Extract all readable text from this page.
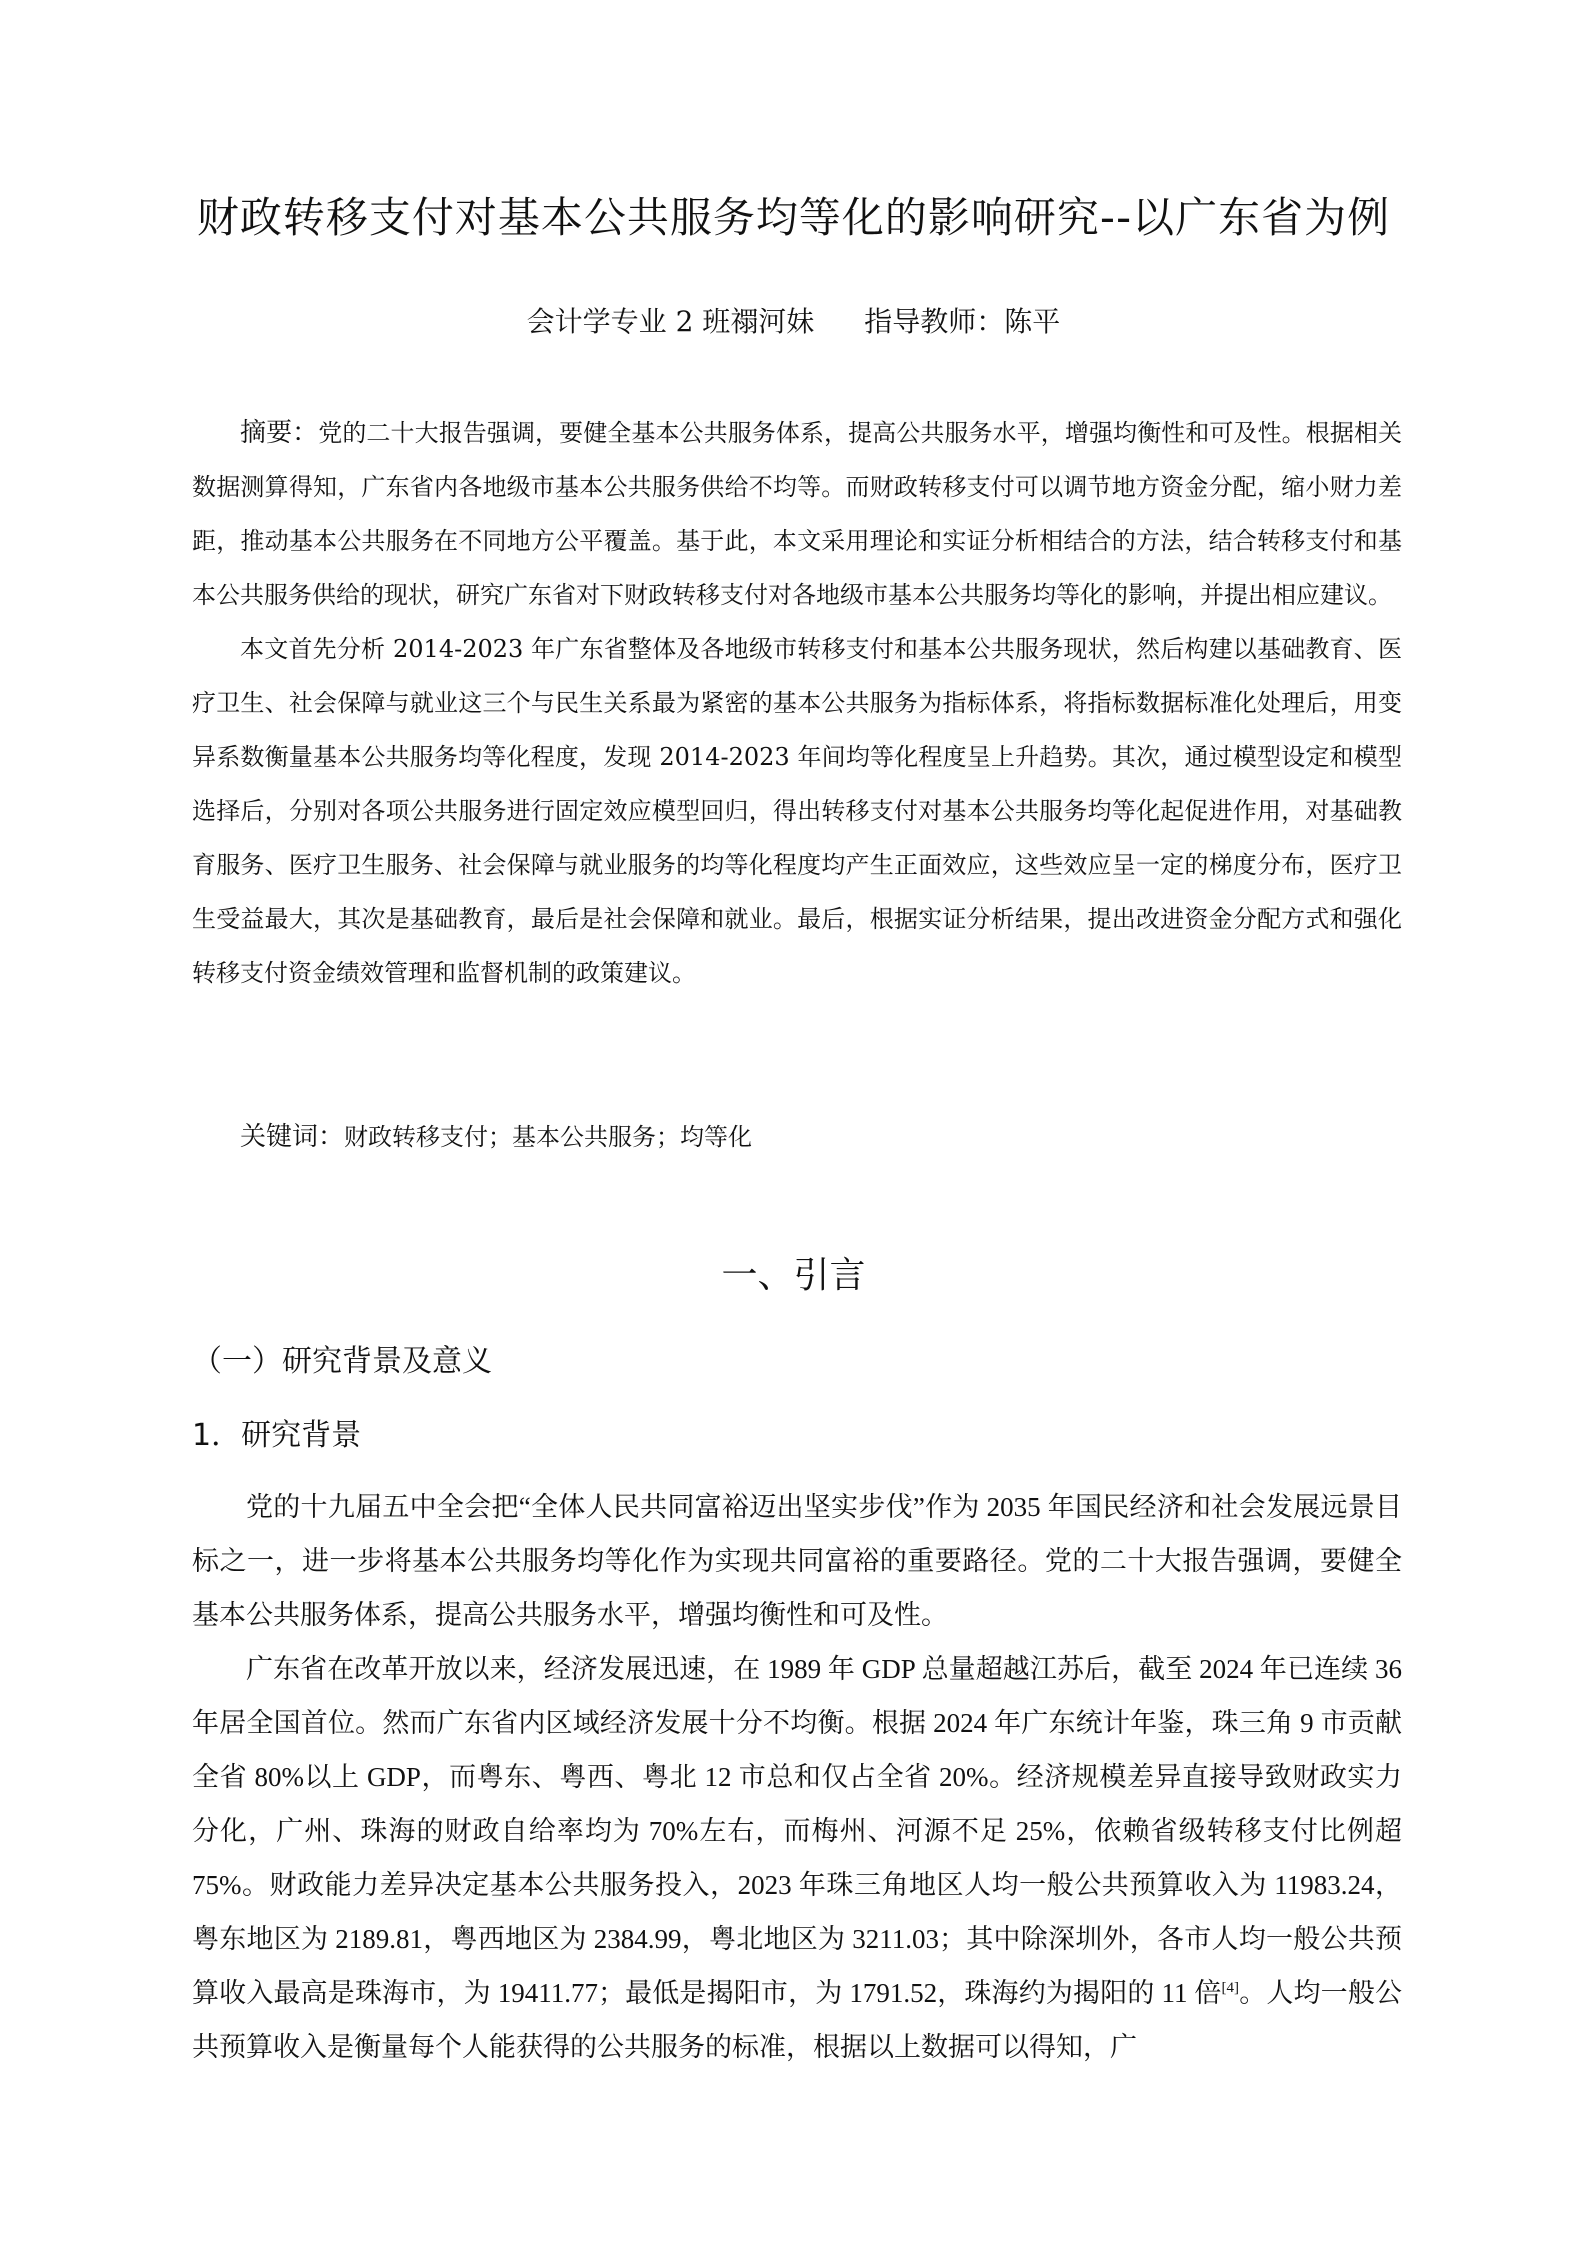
财政转移支付对基本公共服务均等化的影响研究--以广东省为例
会计学专业 2 班禤河妹 指导教师：陈平

摘要：党的二十大报告强调，要健全基本公共服务体系，提高公共服务水平，增强均衡性和可及性。根据相关数据测算得知，广东省内各地级市基本公共服务供给不均等。而财政转移支付可以调节地方资金分配，缩小财力差距，推动基本公共服务在不同地方公平覆盖。基于此，本文采用理论和实证分析相结合的方法，结合转移支付和基本公共服务供给的现状，研究广东省对下财政转移支付对各地级市基本公共服务均等化的影响，并提出相应建议。

本文首先分析 2014-2023 年广东省整体及各地级市转移支付和基本公共服务现状，然后构建以基础教育、医疗卫生、社会保障与就业这三个与民生关系最为紧密的基本公共服务为指标体系，将指标数据标准化处理后，用变异系数衡量基本公共服务均等化程度，发现 2014-2023 年间均等化程度呈上升趋势。其次，通过模型设定和模型选择后，分别对各项公共服务进行固定效应模型回归，得出转移支付对基本公共服务均等化起促进作用，对基础教育服务、医疗卫生服务、社会保障与就业服务的均等化程度均产生正面效应，这些效应呈一定的梯度分布，医疗卫生受益最大，其次是基础教育，最后是社会保障和就业。最后，根据实证分析结果，提出改进资金分配方式和强化转移支付资金绩效管理和监督机制的政策建议。

关键词：财政转移支付；基本公共服务；均等化
一、引言
（一）研究背景及意义
1．研究背景

党的十九届五中全会把“全体人民共同富裕迈出坚实步伐”作为 2035 年国民经济和社会发展远景目标之一，进一步将基本公共服务均等化作为实现共同富裕的重要路径。党的二十大报告强调，要健全基本公共服务体系，提高公共服务水平，增强均衡性和可及性。

广东省在改革开放以来，经济发展迅速，在 1989 年 GDP 总量超越江苏后，截至 2024 年已连续 36 年居全国首位。然而广东省内区域经济发展十分不均衡。根据 2024 年广东统计年鉴，珠三角 9 市贡献全省 80%以上 GDP，而粤东、粤西、粤北 12 市总和仅占全省 20%。经济规模差异直接导致财政实力分化，广州、珠海的财政自给率均为 70%左右，而梅州、河源不足 25%，依赖省级转移支付比例超 75%。财政能力差异决定基本公共服务投入，2023 年珠三角地区人均一般公共预算收入为 11983.24，粤东地区为 2189.81，粤西地区为 2384.99，粤北地区为 3211.03；其中除深圳外，各市人均一般公共预算收入最高是珠海市，为 19411.77；最低是揭阳市，为 1791.52，珠海约为揭阳的 11 倍[4]。人均一般公共预算收入是衡量每个人能获得的公共服务的标准，根据以上数据可以得知，广
